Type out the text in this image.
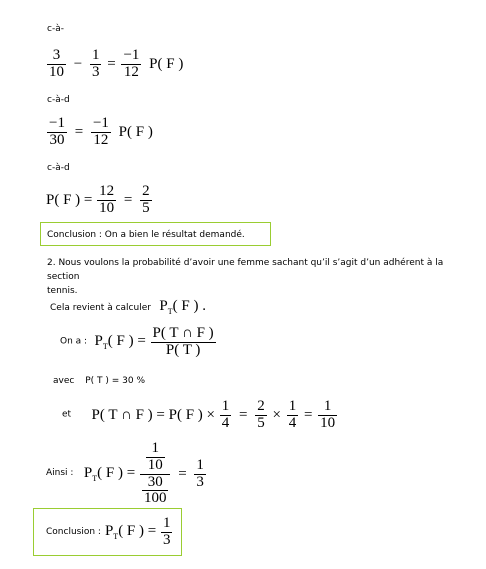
c-à-
$\frac{3}{10} - \frac{1}{3} = \frac{-1}{12} P$( F )
c-à-d
$\frac{-1}{30} = \frac{-1}{12} P$( F )
c-à-d
P( F ) = $\frac{12}{10} = \frac{2}{5}$
Conclusion : On a bien le résultat demandé.
2. Nous voulons la probabilité d’avoir une femme sachant qu’il s’agit d’un adhérent à la section
tennis.
Cela revient à calculer $P_T$( F ) .
On a : $P_T$( F ) = $\frac{P( T \cap F )}{P( T )}$
avec P( T ) = 30 %
et P( T ∩ F ) = P( F ) × $\frac{1}{4} = \frac{2}{5} \times \frac{1}{4} = \frac{1}{10}$
Ainsi : $P_T$( F ) = $\frac{\frac{1}{10}}{\frac{30}{100}} = \frac{1}{3}$
Conclusion : $P_T$( F ) = $\frac{1}{3}$
